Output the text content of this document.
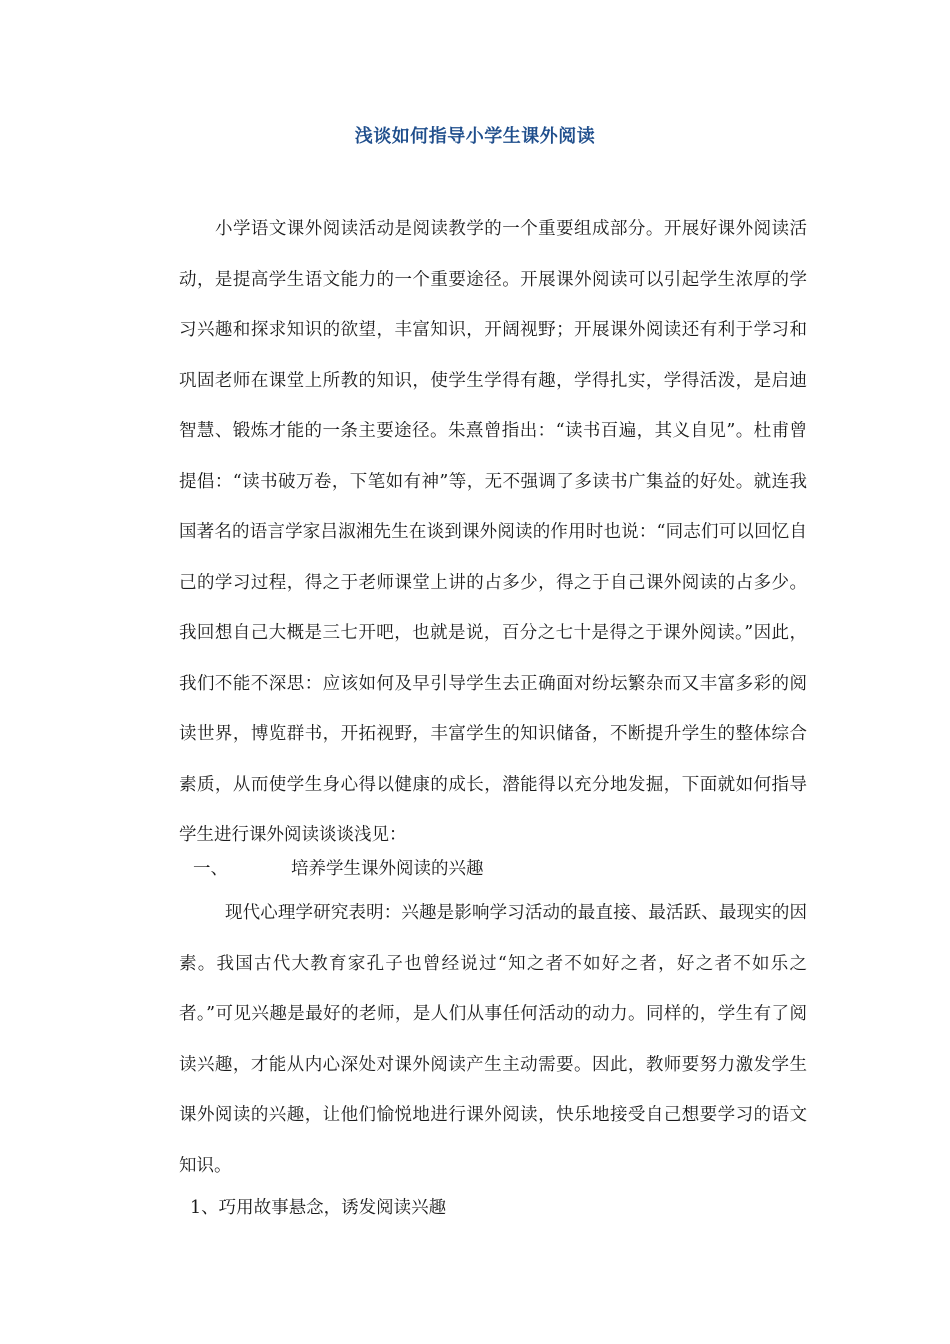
浅谈如何指导小学生课外阅读

小学语文课外阅读活动是阅读教学的一个重要组成部分。开展好课外阅读活动，是提高学生语文能力的一个重要途径。开展课外阅读可以引起学生浓厚的学习兴趣和探求知识的欲望，丰富知识，开阔视野；开展课外阅读还有利于学习和巩固老师在课堂上所教的知识，使学生学得有趣，学得扎实，学得活泼，是启迪智慧、锻炼才能的一条主要途径。朱熹曾指出：“读书百遍，其义自见”。杜甫曾提倡：“读书破万卷，下笔如有神”等，无不强调了多读书广集益的好处。就连我国著名的语言学家吕淑湘先生在谈到课外阅读的作用时也说：“同志们可以回忆自己的学习过程，得之于老师课堂上讲的占多少，得之于自己课外阅读的占多少。我回想自己大概是三七开吧，也就是说，百分之七十是得之于课外阅读。”因此，我们不能不深思：应该如何及早引导学生去正确面对纷坛繁杂而又丰富多彩的阅读世界，博览群书，开拓视野，丰富学生的知识储备，不断提升学生的整体综合素质，从而使学生身心得以健康的成长，潜能得以充分地发掘，下面就如何指导学生进行课外阅读谈谈浅见：

一、	培养学生课外阅读的兴趣

现代心理学研究表明：兴趣是影响学习活动的最直接、最活跃、最现实的因素。我国古代大教育家孔子也曾经说过“知之者不如好之者，好之者不如乐之者。”可见兴趣是最好的老师，是人们从事任何活动的动力。同样的，学生有了阅读兴趣，才能从内心深处对课外阅读产生主动需要。因此，教师要努力激发学生课外阅读的兴趣，让他们愉悦地进行课外阅读，快乐地接受自己想要学习的语文知识。

1、巧用故事悬念，诱发阅读兴趣
